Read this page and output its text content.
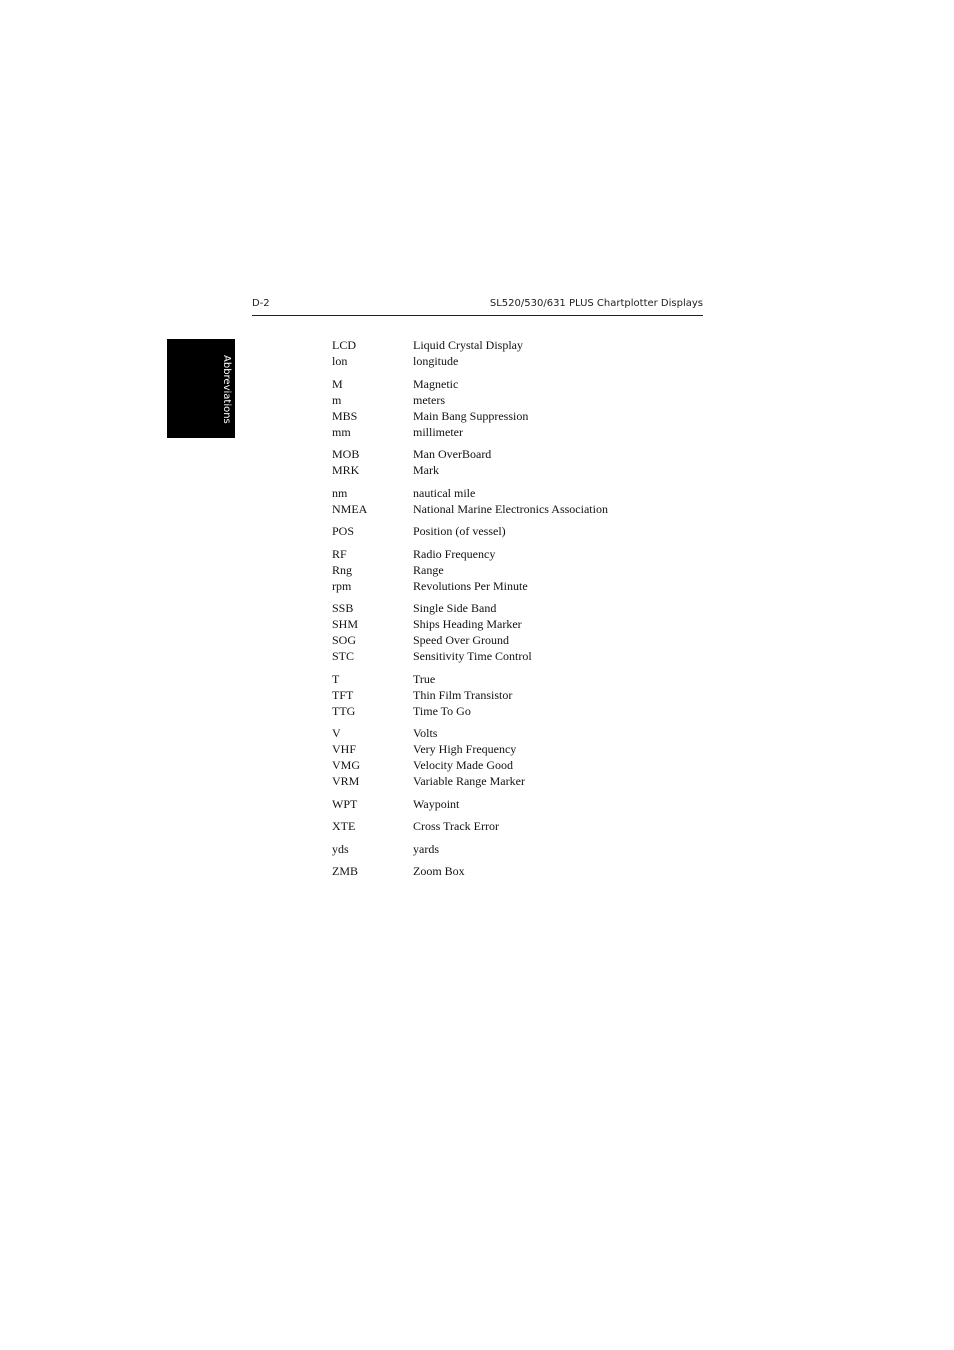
D-2	SL520/530/631 PLUS Chartplotter Displays
Abbreviations
LCD	Liquid Crystal Display
lon	longitude
M	Magnetic
m	meters
MBS	Main Bang Suppression
mm	millimeter
MOB	Man OverBoard
MRK	Mark
nm	nautical mile
NMEA	National Marine Electronics Association
POS	Position (of vessel)
RF	Radio Frequency
Rng	Range
rpm	Revolutions Per Minute
SSB	Single Side Band
SHM	Ships Heading Marker
SOG	Speed Over Ground
STC	Sensitivity Time Control
T	True
TFT	Thin Film Transistor
TTG	Time To Go
V	Volts
VHF	Very High Frequency
VMG	Velocity Made Good
VRM	Variable Range Marker
WPT	Waypoint
XTE	Cross Track Error
yds	yards
ZMB	Zoom Box
